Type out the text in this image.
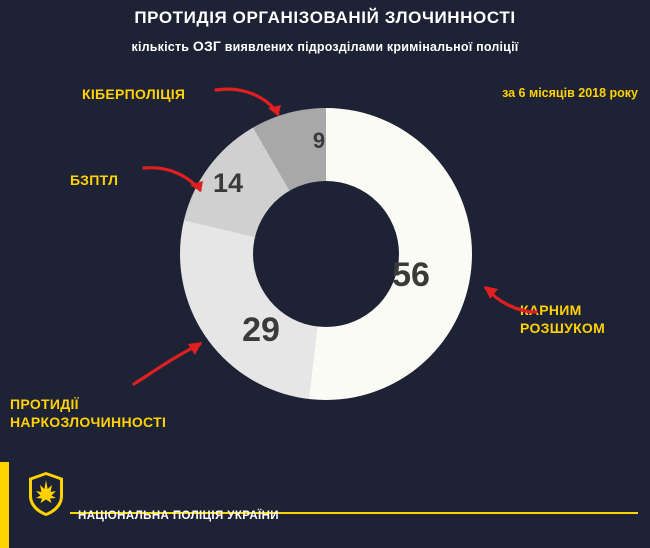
ПРОТИДІЯ ОРГАНІЗОВАНІЙ ЗЛОЧИННОСТІ
кількість ОЗГ виявлених підрозділами кримінальної поліції
за 6 місяців 2018 року
56
29
14
9
КІБЕРПОЛІЦІЯ
БЗПТЛ
ПРОТИДІЇ
НАРКОЗЛОЧИННОСТІ
КАРНИМ
РОЗШУКОМ
НАЦІОНАЛЬНА ПОЛІЦІЯ УКРАЇНИ
